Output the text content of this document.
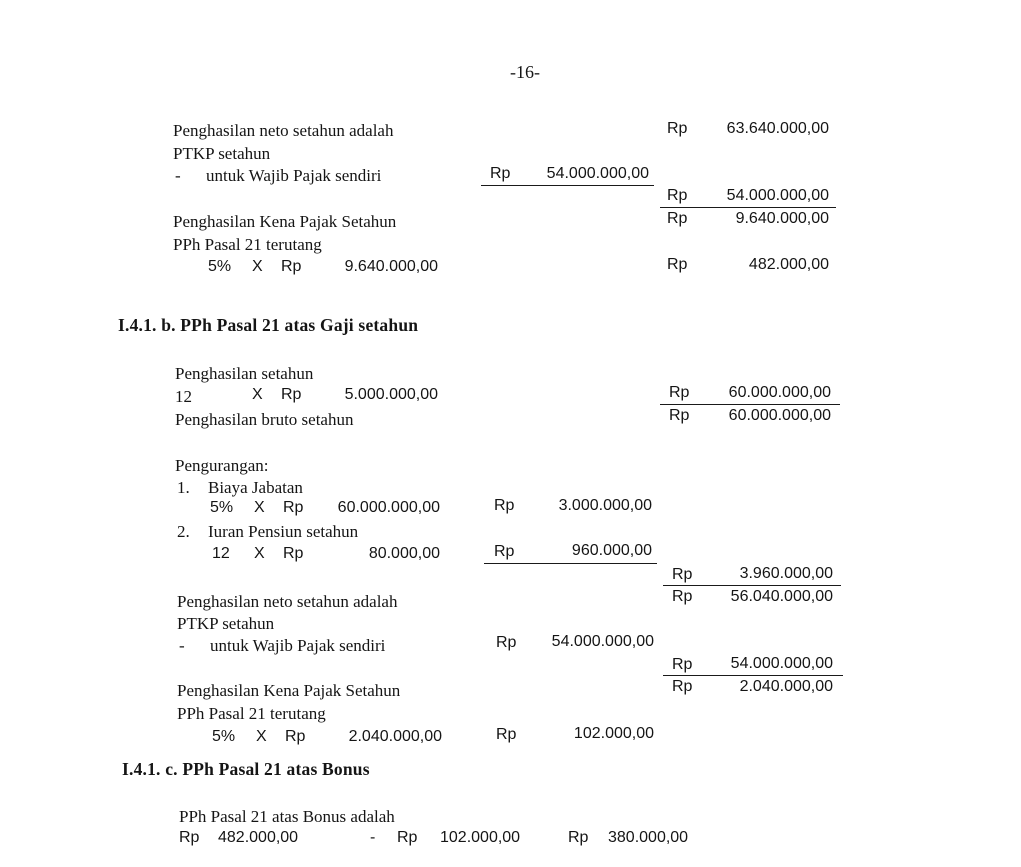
-16-
Penghasilan neto setahun adalah	Rp	63.640.000,00
PTKP setahun
- untuk Wajib Pajak sendiri	Rp	54.000.000,00
Rp	54.000.000,00
Penghasilan Kena Pajak Setahun	Rp	9.640.000,00
PPh Pasal 21 terutang
5% X Rp	9.640.000,00	Rp	482.000,00
I.4.1. b. PPh Pasal 21 atas Gaji setahun
Penghasilan setahun
12	X Rp	5.000.000,00	Rp	60.000.000,00
Penghasilan bruto setahun	Rp	60.000.000,00
Pengurangan:
1. Biaya Jabatan
5% X Rp	60.000.000,00	Rp	3.000.000,00
2. Iuran Pensiun setahun
12 X Rp	80.000,00	Rp	960.000,00
Rp	3.960.000,00
Penghasilan neto setahun adalah	Rp	56.040.000,00
PTKP setahun
- untuk Wajib Pajak sendiri	Rp	54.000.000,00
Rp	54.000.000,00
Penghasilan Kena Pajak Setahun	Rp	2.040.000,00
PPh Pasal 21 terutang
5% X Rp	2.040.000,00	Rp	102.000,00
I.4.1. c. PPh Pasal 21 atas Bonus
PPh Pasal 21 atas Bonus adalah
Rp 482.000,00	- Rp 102.000,00	Rp 380.000,00
